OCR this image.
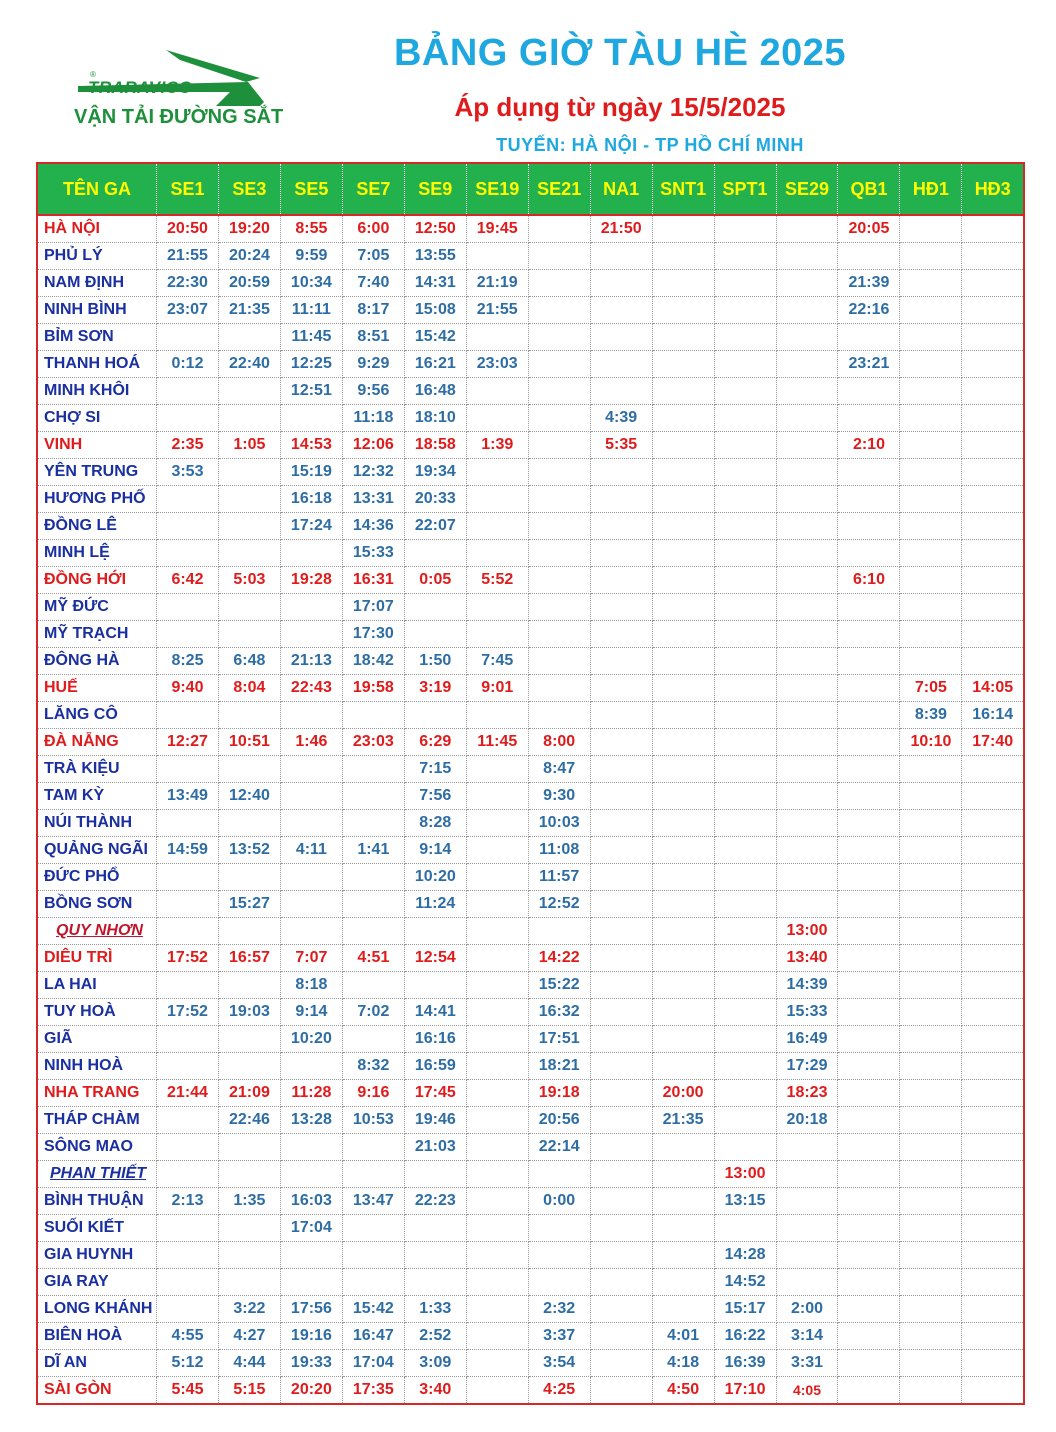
®
TRARAVICO
VẬN TẢI ĐƯỜNG SẮT
BẢNG GIỜ TÀU HÈ 2025
Áp dụng từ ngày 15/5/2025
TUYẾN: HÀ NỘI - TP HỒ CHÍ MINH
TÊN GA	SE1	SE3	SE5	SE7	SE9	SE19	SE21	NA1	SNT1	SPT1	SE29	QB1	HĐ1	HĐ3
HÀ NỘI	20:50	19:20	8:55	6:00	12:50	19:45		21:50				20:05		
PHỦ LÝ	21:55	20:24	9:59	7:05	13:55									
NAM ĐỊNH	22:30	20:59	10:34	7:40	14:31	21:19						21:39		
NINH BÌNH	23:07	21:35	11:11	8:17	15:08	21:55						22:16		
BỈM SƠN			11:45	8:51	15:42									
THANH HOÁ	0:12	22:40	12:25	9:29	16:21	23:03						23:21		
MINH KHÔI			12:51	9:56	16:48									
CHỢ SI				11:18	18:10			4:39						
VINH	2:35	1:05	14:53	12:06	18:58	1:39		5:35				2:10		
YÊN TRUNG	3:53		15:19	12:32	19:34									
HƯƠNG PHỐ			16:18	13:31	20:33									
ĐỒNG LÊ			17:24	14:36	22:07									
MINH LỆ				15:33										
ĐỒNG HỚI	6:42	5:03	19:28	16:31	0:05	5:52						6:10		
MỸ ĐỨC				17:07										
MỸ TRẠCH				17:30										
ĐÔNG HÀ	8:25	6:48	21:13	18:42	1:50	7:45								
HUẾ	9:40	8:04	22:43	19:58	3:19	9:01							7:05	14:05
LĂNG CÔ													8:39	16:14
ĐÀ NẴNG	12:27	10:51	1:46	23:03	6:29	11:45	8:00						10:10	17:40
TRÀ KIỆU					7:15		8:47							
TAM KỲ	13:49	12:40			7:56		9:30							
NÚI THÀNH					8:28		10:03							
QUẢNG NGÃI	14:59	13:52	4:11	1:41	9:14		11:08							
ĐỨC PHỔ					10:20		11:57							
BỒNG SƠN		15:27			11:24		12:52							
QUY NHƠN											13:00			
DIÊU TRÌ	17:52	16:57	7:07	4:51	12:54		14:22				13:40			
LA HAI			8:18				15:22				14:39			
TUY HOÀ	17:52	19:03	9:14	7:02	14:41		16:32				15:33			
GIÃ			10:20		16:16		17:51				16:49			
NINH HOÀ				8:32	16:59		18:21				17:29			
NHA TRANG	21:44	21:09	11:28	9:16	17:45		19:18		20:00		18:23			
THÁP CHÀM		22:46	13:28	10:53	19:46		20:56		21:35		20:18			
SÔNG MAO					21:03		22:14							
PHAN THIẾT										13:00				
BÌNH THUẬN	2:13	1:35	16:03	13:47	22:23		0:00			13:15				
SUỐI KIẾT			17:04											
GIA HUYNH										14:28				
GIA RAY										14:52				
LONG KHÁNH		3:22	17:56	15:42	1:33		2:32			15:17	2:00			
BIÊN HOÀ	4:55	4:27	19:16	16:47	2:52		3:37		4:01	16:22	3:14			
DĨ AN	5:12	4:44	19:33	17:04	3:09		3:54		4:18	16:39	3:31			
SÀI GÒN	5:45	5:15	20:20	17:35	3:40		4:25		4:50	17:10	4:05			
